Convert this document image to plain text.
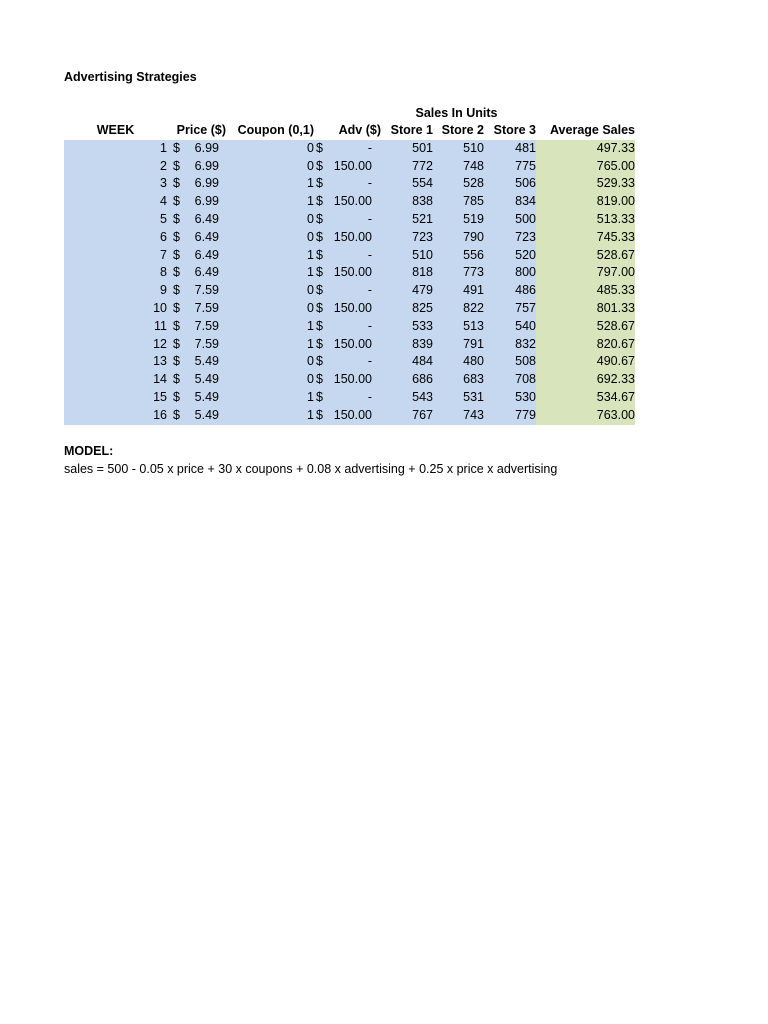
Advertising Strategies
Sales In Units
WEEK	Price ($)	Coupon (0,1)	Adv ($)	Store 1	Store 2	Store 3	Average Sales
1	$ 6.99	0	$ -	501	510	481	497.33
2	$ 6.99	0	$ 150.00	772	748	775	765.00
3	$ 6.99	1	$ -	554	528	506	529.33
4	$ 6.99	1	$ 150.00	838	785	834	819.00
5	$ 6.49	0	$ -	521	519	500	513.33
6	$ 6.49	0	$ 150.00	723	790	723	745.33
7	$ 6.49	1	$ -	510	556	520	528.67
8	$ 6.49	1	$ 150.00	818	773	800	797.00
9	$ 7.59	0	$ -	479	491	486	485.33
10	$ 7.59	0	$ 150.00	825	822	757	801.33
11	$ 7.59	1	$ -	533	513	540	528.67
12	$ 7.59	1	$ 150.00	839	791	832	820.67
13	$ 5.49	0	$ -	484	480	508	490.67
14	$ 5.49	0	$ 150.00	686	683	708	692.33
15	$ 5.49	1	$ -	543	531	530	534.67
16	$ 5.49	1	$ 150.00	767	743	779	763.00
MODEL:
sales = 500 - 0.05 x price + 30 x coupons + 0.08 x advertising + 0.25 x price x advertising
